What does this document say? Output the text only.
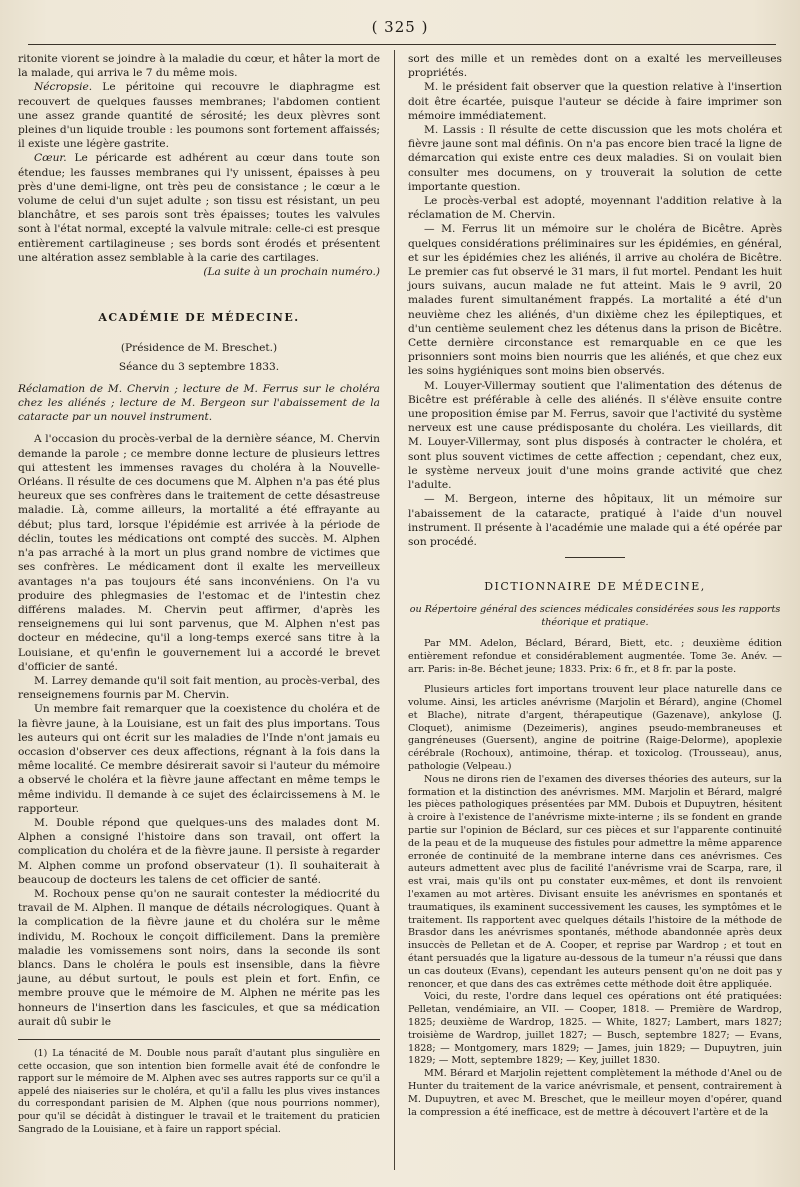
( 325 )

ritonite viorent se joindre à la maladie du cœur, et hâter la mort de la malade, qui arriva le 7 du même mois.

Nécropsie. Le péritoine qui recouvre le diaphragme est recouvert de quelques fausses membranes; l'abdomen contient une assez grande quantité de sérosité; les deux plèvres sont pleines d'un liquide trouble : les poumons sont fortement affaissés; il existe une légère gastrite.

Cœur. Le péricarde est adhérent au cœur dans toute son étendue; les fausses membranes qui l'y unissent, épaisses à peu près d'une demi-ligne, ont très peu de consistance ; le cœur a le volume de celui d'un sujet adulte ; son tissu est résistant, un peu blanchâtre, et ses parois sont très épaisses; toutes les valvules sont à l'état normal, excepté la valvule mitrale: celle-ci est presque entièrement cartilagineuse ; ses bords sont érodés et présentent une altération assez semblable à la carie des cartilages.

(La suite à un prochain numéro.)

ACADÉMIE DE MÉDECINE.

(Présidence de M. Breschet.)

Séance du 3 septembre 1833.

Réclamation de M. Chervin ; lecture de M. Ferrus sur le choléra chez les aliénés ; lecture de M. Bergeon sur l'abaissement de la cataracte par un nouvel instrument.

A l'occasion du procès-verbal de la dernière séance, M. Chervin demande la parole ; ce membre donne lecture de plusieurs lettres qui attestent les immenses ravages du choléra à la Nouvelle-Orléans. Il résulte de ces documens que M. Alphen n'a pas été plus heureux que ses confrères dans le traitement de cette désastreuse maladie. Là, comme ailleurs, la mortalité a été effrayante au début; plus tard, lorsque l'épidémie est arrivée à la période de déclin, toutes les médications ont compté des succès. M. Alphen n'a pas arraché à la mort un plus grand nombre de victimes que ses confrères. Le médicament dont il exalte les merveilleux avantages n'a pas toujours été sans inconvéniens. On l'a vu produire des phlegmasies de l'estomac et de l'intestin chez différens malades. M. Chervin peut affirmer, d'après les renseignemens qui lui sont parvenus, que M. Alphen n'est pas docteur en médecine, qu'il a long-temps exercé sans titre à la Louisiane, et qu'enfin le gouvernement lui a accordé le brevet d'officier de santé.

M. Larrey demande qu'il soit fait mention, au procès-verbal, des renseignemens fournis par M. Chervin.

Un membre fait remarquer que la coexistence du choléra et de la fièvre jaune, à la Louisiane, est un fait des plus importans. Tous les auteurs qui ont écrit sur les maladies de l'Inde n'ont jamais eu occasion d'observer ces deux affections, régnant à la fois dans la même localité. Ce membre désirerait savoir si l'auteur du mémoire a observé le choléra et la fièvre jaune affectant en même temps le même individu. Il demande à ce sujet des éclaircissemens à M. le rapporteur.

M. Double répond que quelques-uns des malades dont M. Alphen a consigné l'histoire dans son travail, ont offert la complication du choléra et de la fièvre jaune. Il persiste à regarder M. Alphen comme un profond observateur (1). Il souhaiterait à beaucoup de docteurs les talens de cet officier de santé.

M. Rochoux pense qu'on ne saurait contester la médiocrité du travail de M. Alphen. Il manque de détails nécrologiques. Quant à la complication de la fièvre jaune et du choléra sur le même individu, M. Rochoux le conçoit difficilement. Dans la première maladie les vomissemens sont noirs, dans la seconde ils sont blancs. Dans le choléra le pouls est insensible, dans la fièvre jaune, au début surtout, le pouls est plein et fort. Enfin, ce membre prouve que le mémoire de M. Alphen ne mérite pas les honneurs de l'insertion dans les fascicules, et que sa médication aurait dû subir le

(1) La ténacité de M. Double nous paraît d'autant plus singulière en cette occasion, que son intention bien formelle avait été de confondre le rapport sur le mémoire de M. Alphen avec ses autres rapports sur ce qu'il a appelé des niaiseries sur le choléra, et qu'il a fallu les plus vives instances du correspondant parisien de M. Alphen (que nous pourrions nommer), pour qu'il se décidât à distinguer le travail et le traitement du praticien Sangrado de la Louisiane, et à faire un rapport spécial.

sort des mille et un remèdes dont on a exalté les merveilleuses propriétés.

M. le président fait observer que la question relative à l'insertion doit être écartée, puisque l'auteur se décide à faire imprimer son mémoire immédiatement.

M. Lassis : Il résulte de cette discussion que les mots choléra et fièvre jaune sont mal définis. On n'a pas encore bien tracé la ligne de démarcation qui existe entre ces deux maladies. Si on voulait bien consulter mes documens, on y trouverait la solution de cette importante question.

Le procès-verbal est adopté, moyennant l'addition relative à la réclamation de M. Chervin.

— M. Ferrus lit un mémoire sur le choléra de Bicêtre. Après quelques considérations préliminaires sur les épidémies, en général, et sur les épidémies chez les aliénés, il arrive au choléra de Bicêtre. Le premier cas fut observé le 31 mars, il fut mortel. Pendant les huit jours suivans, aucun malade ne fut atteint. Mais le 9 avril, 20 malades furent simultanément frappés. La mortalité a été d'un neuvième chez les aliénés, d'un dixième chez les épileptiques, et d'un centième seulement chez les détenus dans la prison de Bicêtre. Cette dernière circonstance est remarquable en ce que les prisonniers sont moins bien nourris que les aliénés, et que chez eux les soins hygiéniques sont moins bien observés.

M. Louyer-Villermay soutient que l'alimentation des détenus de Bicêtre est préférable à celle des aliénés. Il s'élève ensuite contre une proposition émise par M. Ferrus, savoir que l'activité du système nerveux est une cause prédisposante du choléra. Les vieillards, dit M. Louyer-Villermay, sont plus disposés à contracter le choléra, et sont plus souvent victimes de cette affection ; cependant, chez eux, le système nerveux jouit d'une moins grande activité que chez l'adulte.

— M. Bergeon, interne des hôpitaux, lit un mémoire sur l'abaissement de la cataracte, pratiqué à l'aide d'un nouvel instrument. Il présente à l'académie une malade qui a été opérée par son procédé.

DICTIONNAIRE DE MÉDECINE,

ou Répertoire général des sciences médicales considérées sous les rapports théorique et pratique.

Par MM. Adelon, Béclard, Bérard, Biett, etc. ; deuxième édition entièrement refondue et considérablement augmentée. Tome 3e. Anév. — arr. Paris: in-8e. Béchet jeune; 1833. Prix: 6 fr., et 8 fr. par la poste.

Plusieurs articles fort importans trouvent leur place naturelle dans ce volume. Ainsi, les articles anévrisme (Marjolin et Bérard), angine (Chomel et Blache), nitrate d'argent, thérapeutique (Gazenave), ankylose (J. Cloquet), animisme (Dezeimeris), angines pseudo-membraneuses et gangréneuses (Guersent), angine de poitrine (Raige-Delorme), apoplexie cérébrale (Rochoux), antimoine, thérap. et toxicolog. (Trousseau), anus, pathologie (Velpeau.)

Nous ne dirons rien de l'examen des diverses théories des auteurs, sur la formation et la distinction des anévrismes. MM. Marjolin et Bérard, malgré les pièces pathologiques présentées par MM. Dubois et Dupuytren, hésitent à croire à l'existence de l'anévrisme mixte-interne ; ils se fondent en grande partie sur l'opinion de Béclard, sur ces pièces et sur l'apparente continuité de la peau et de la muqueuse des fistules pour admettre la même apparence erronée de continuité de la membrane interne dans ces anévrismes. Ces auteurs admettent avec plus de facilité l'anévrisme vrai de Scarpa, rare, il est vrai, mais qu'ils ont pu constater eux-mêmes, et dont ils renvoient l'examen au mot artères. Divisant ensuite les anévrismes en spontanés et traumatiques, ils examinent successivement les causes, les symptômes et le traitement. Ils rapportent avec quelques détails l'histoire de la méthode de Brasdor dans les anévrismes spontanés, méthode abandonnée après deux insuccès de Pelletan et de A. Cooper, et reprise par Wardrop ; et tout en étant persuadés que la ligature au-dessous de la tumeur n'a réussi que dans un cas douteux (Evans), cependant les auteurs pensent qu'on ne doit pas y renoncer, et que dans des cas extrêmes cette méthode doit être appliquée.

Voici, du reste, l'ordre dans lequel ces opérations ont été pratiquées: Pelletan, vendémiaire, an VII. — Cooper, 1818. — Première de Wardrop, 1825; deuxième de Wardrop, 1825. — White, 1827; Lambert, mars 1827; troisième de Wardrop, juillet 1827; — Busch, septembre 1827; — Evans, 1828; — Montgomery, mars 1829; — James, juin 1829; — Dupuytren, juin 1829; — Mott, septembre 1829; — Key, juillet 1830.

MM. Bérard et Marjolin rejettent complètement la méthode d'Anel ou de Hunter du traitement de la varice anévrismale, et pensent, contrairement à M. Dupuytren, et avec M. Breschet, que le meilleur moyen d'opérer, quand la compression a été inefficace, est de mettre à découvert l'artère et de la
